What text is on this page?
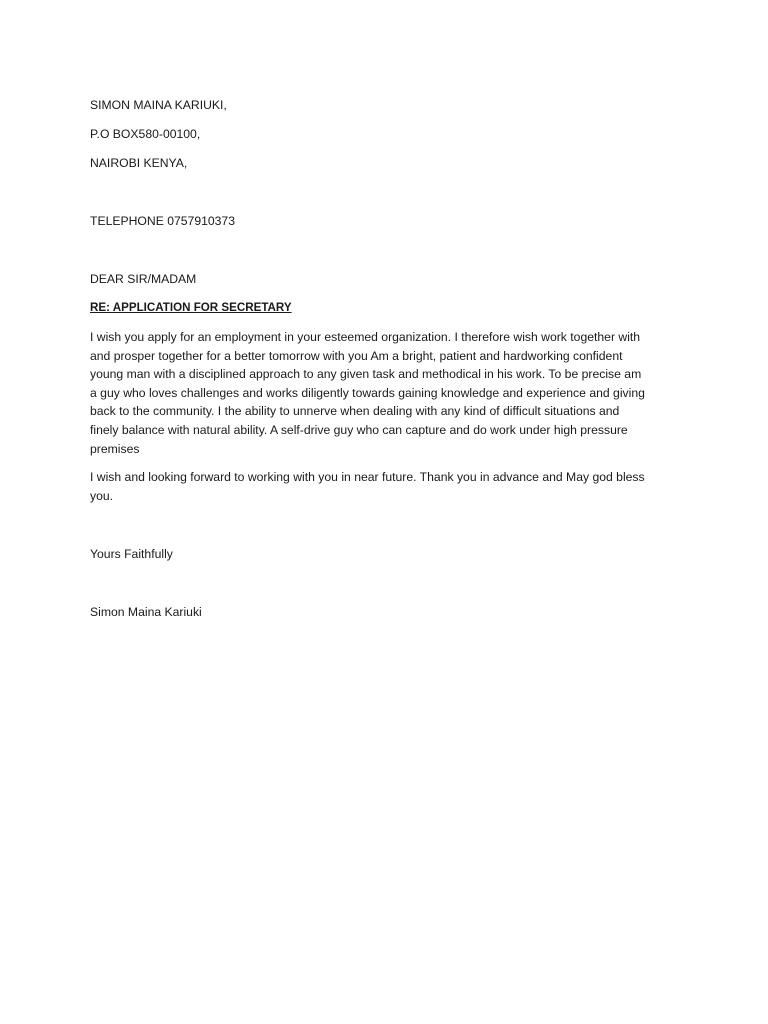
SIMON MAINA KARIUKI,
P.O BOX580-00100,
NAIROBI KENYA,
TELEPHONE 0757910373
DEAR SIR/MADAM
RE: APPLICATION FOR SECRETARY
I wish you apply for an employment in your esteemed organization. I therefore wish work together with
and prosper together for a better tomorrow with you Am a bright, patient and hardworking confident
young man with a disciplined approach to any given task and methodical in his work. To be precise am
a guy who loves challenges and works diligently towards gaining knowledge and experience and giving
back to the community. I the ability to unnerve when dealing with any kind of difficult situations and
finely balance with natural ability. A self-drive guy who can capture and do work under high pressure
premises
I wish and looking forward to working with you in near future. Thank you in advance and May god bless
you.
Yours Faithfully
Simon Maina Kariuki
